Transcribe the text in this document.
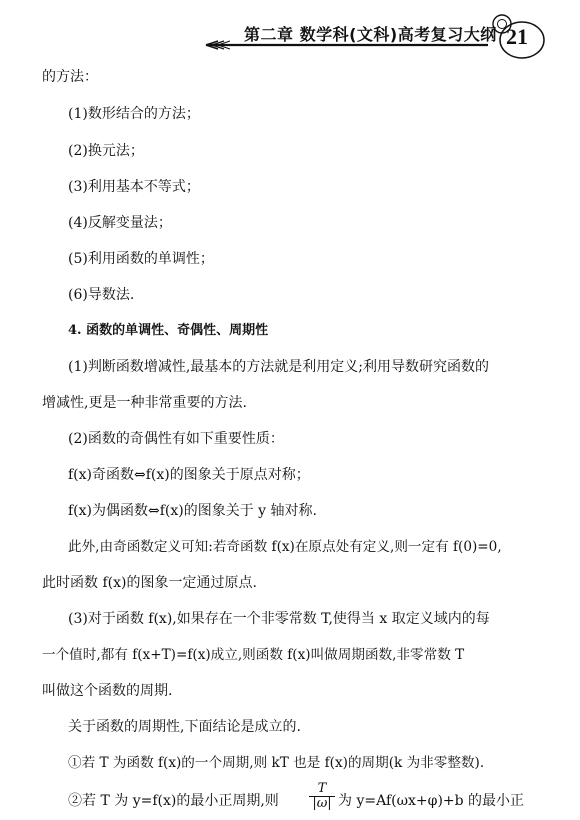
第二章 数学科(文科)高考复习大纲 21
的方法：
(1)数形结合的方法；
(2)换元法；
(3)利用基本不等式；
(4)反解变量法；
(5)利用函数的单调性；
(6)导数法.
4. 函数的单调性、奇偶性、周期性
(1)判断函数增减性,最基本的方法就是利用定义;利用导数研究函数的
增减性,更是一种非常重要的方法.
(2)函数的奇偶性有如下重要性质：
f(x)奇函数⇔f(x)的图象关于原点对称；
f(x)为偶函数⇔f(x)的图象关于 y 轴对称.
此外,由奇函数定义可知:若奇函数 f(x)在原点处有定义,则一定有 f(0)=0,
此时函数 f(x)的图象一定通过原点.
(3)对于函数 f(x),如果存在一个非零常数 T,使得当 x 取定义域内的每
一个值时,都有 f(x+T)=f(x)成立,则函数 f(x)叫做周期函数,非零常数 T
叫做这个函数的周期.
关于函数的周期性,下面结论是成立的.
①若 T 为函数 f(x)的一个周期,则 kT 也是 f(x)的周期(k 为非零整数).
②若 T 为 y=f(x)的最小正周期,则 $\frac{T}{|\omega|}$ 为 y=Af(ωx+φ)+b 的最小正
